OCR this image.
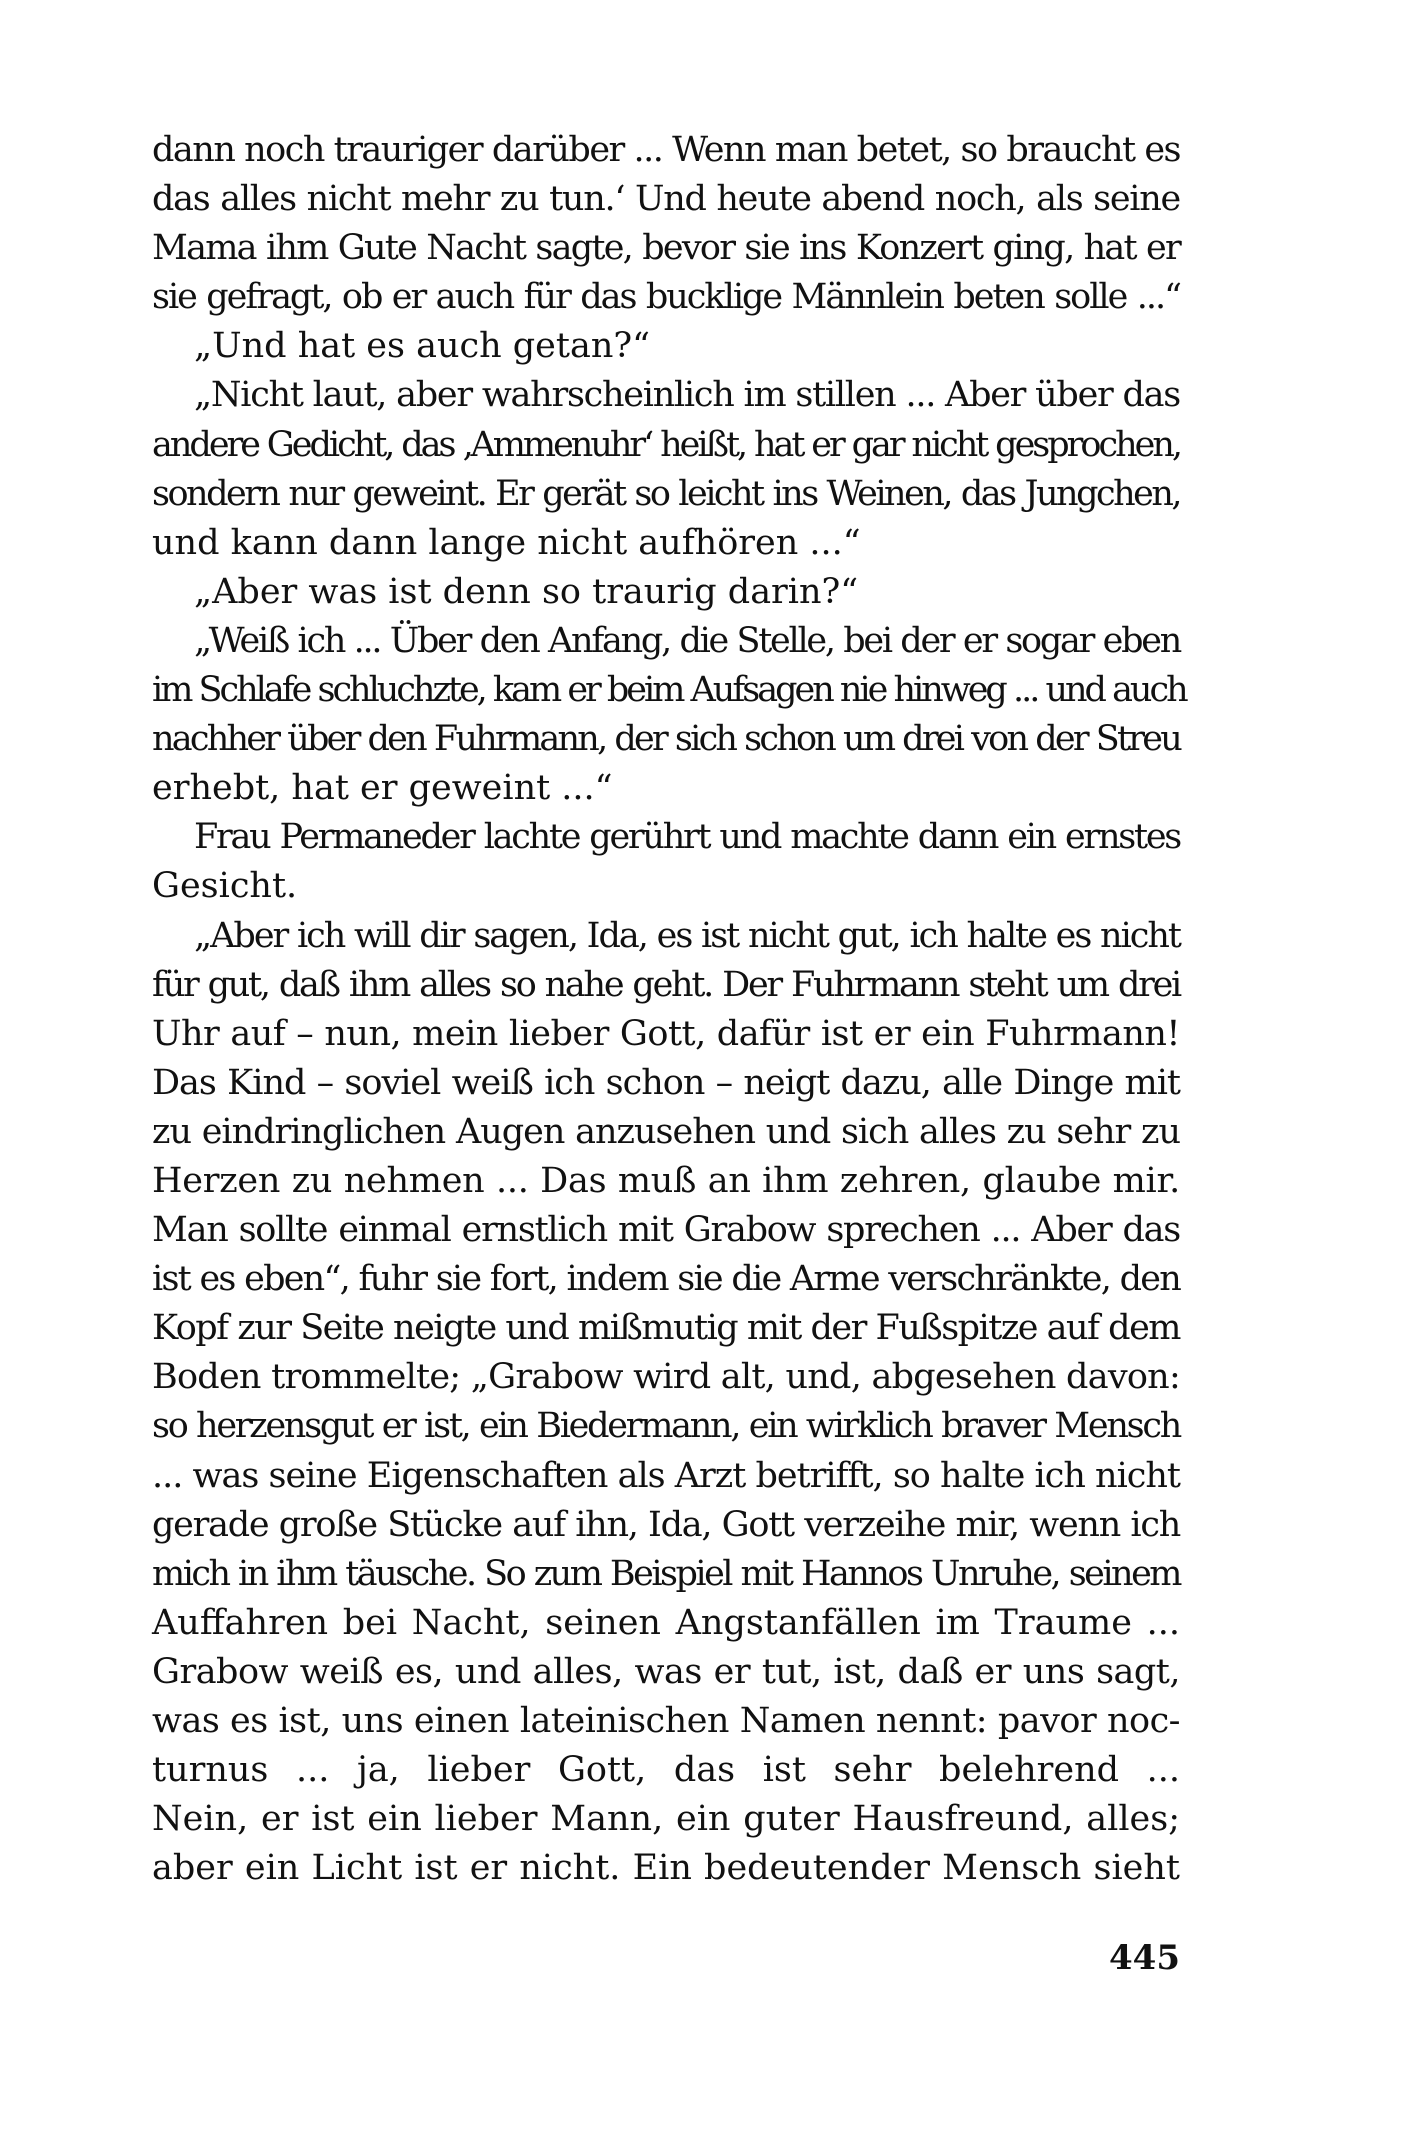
dann noch trauriger darüber ... Wenn man betet, so braucht es
das alles nicht mehr zu tun.‘ Und heute abend noch, als seine
Mama ihm Gute Nacht sagte, bevor sie ins Konzert ging, hat er
sie gefragt, ob er auch für das bucklige Männlein beten solle ...“
„Und hat es auch getan?“
„Nicht laut, aber wahrscheinlich im stillen ... Aber über das
andere Gedicht, das ‚Ammenuhr‘ heißt, hat er gar nicht gesprochen,
sondern nur geweint. Er gerät so leicht ins Weinen, das Jungchen,
und kann dann lange nicht aufhören ...“
„Aber was ist denn so traurig darin?“
„Weiß ich ... Über den Anfang, die Stelle, bei der er sogar eben
im Schlafe schluchzte, kam er beim Aufsagen nie hinweg ... und auch
nachher über den Fuhrmann, der sich schon um drei von der Streu
erhebt, hat er geweint ...“
Frau Permaneder lachte gerührt und machte dann ein ernstes
Gesicht.
„Aber ich will dir sagen, Ida, es ist nicht gut, ich halte es nicht
für gut, daß ihm alles so nahe geht. Der Fuhrmann steht um drei
Uhr auf – nun, mein lieber Gott, dafür ist er ein Fuhrmann!
Das Kind – soviel weiß ich schon – neigt dazu, alle Dinge mit
zu eindringlichen Augen anzusehen und sich alles zu sehr zu
Herzen zu nehmen ... Das muß an ihm zehren, glaube mir.
Man sollte einmal ernstlich mit Grabow sprechen ... Aber das
ist es eben“, fuhr sie fort, indem sie die Arme verschränkte, den
Kopf zur Seite neigte und mißmutig mit der Fußspitze auf dem
Boden trommelte; „Grabow wird alt, und, abgesehen davon:
so herzensgut er ist, ein Biedermann, ein wirklich braver Mensch
... was seine Eigenschaften als Arzt betrifft, so halte ich nicht
gerade große Stücke auf ihn, Ida, Gott verzeihe mir, wenn ich
mich in ihm täusche. So zum Beispiel mit Hannos Unruhe, seinem
Auffahren bei Nacht, seinen Angstanfällen im Traume ...
Grabow weiß es, und alles, was er tut, ist, daß er uns sagt,
was es ist, uns einen lateinischen Namen nennt: pavor noc-
turnus ... ja, lieber Gott, das ist sehr belehrend ...
Nein, er ist ein lieber Mann, ein guter Hausfreund, alles;
aber ein Licht ist er nicht. Ein bedeutender Mensch sieht
445
